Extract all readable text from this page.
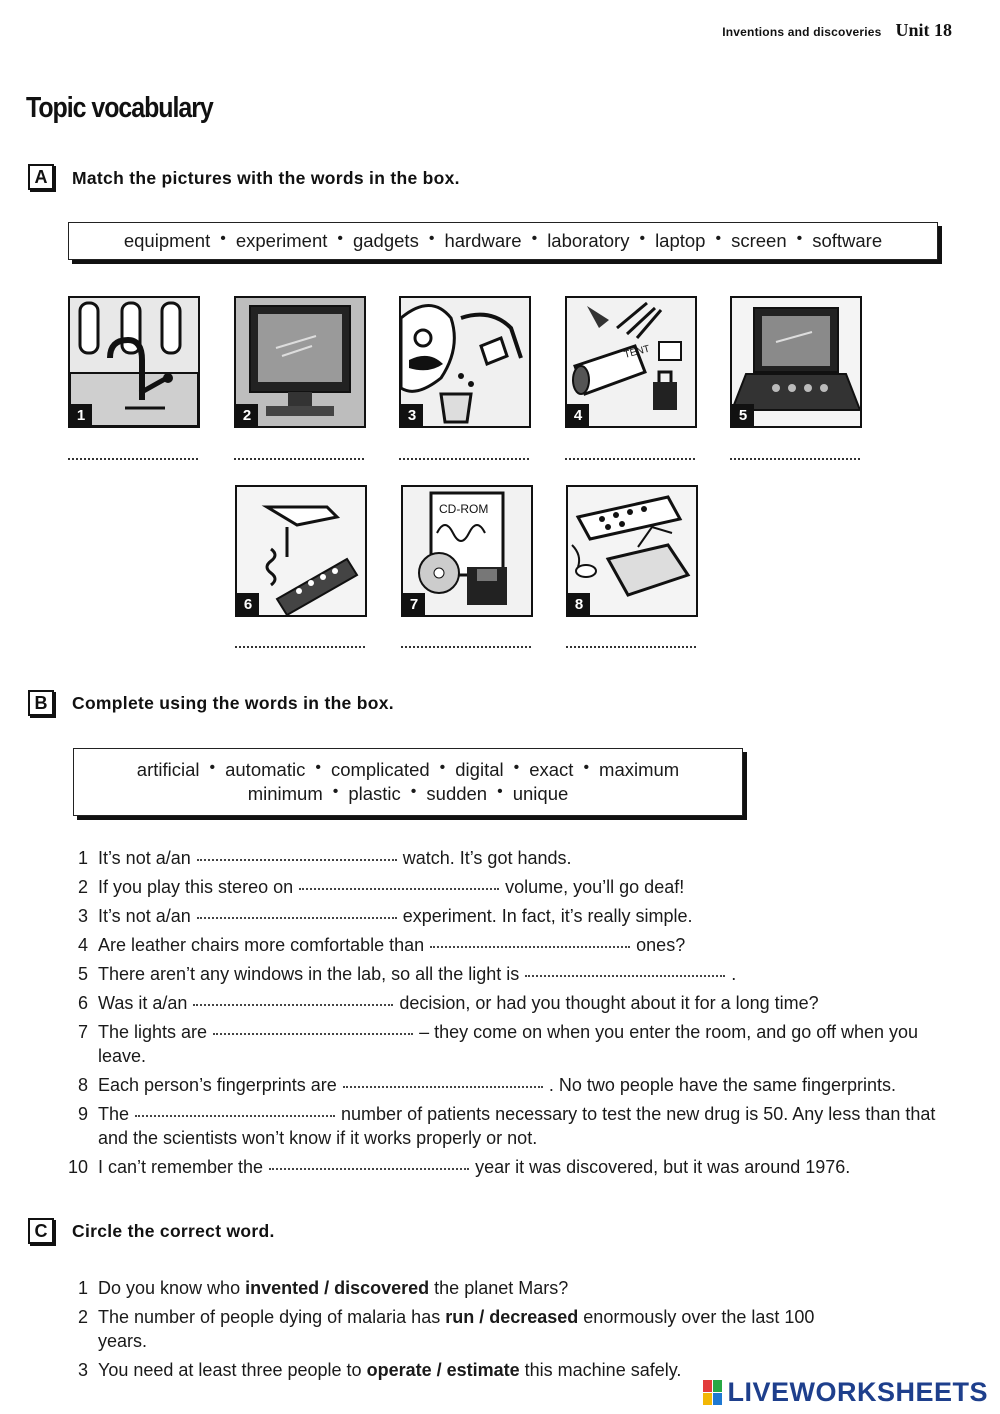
Inventions and discoveries Unit 18
Topic vocabulary
A	Match the pictures with the words in the box.
equipment • experiment • gadgets • hardware • laboratory • laptop • screen • software
1	2	3
TENT
4	5
6
CD-ROM
7	8
B	Complete using the words in the box.
artificial • automatic • complicated • digital • exact • maximum
minimum • plastic • sudden • unique
1 It’s not a/an	watch. It’s got hands.
2 If you play this stereo on	volume, you’ll go deaf!
3 It’s not a/an	experiment. In fact, it’s really simple.
4 Are leather chairs more comfortable than	ones?
5 There aren’t any windows in the lab, so all the light is	.
6 Was it a/an	decision, or had you thought about it for a long time?
7 The lights are	– they come on when you enter the room, and go off when you leave.
8 Each person’s fingerprints are	. No two people have the same fingerprints.
9 The	number of patients necessary to test the new drug is 50. Any less than that and the scientists won’t know if it works properly or not.
10 I can’t remember the	year it was discovered, but it was around 1976.
C	Circle the correct word.
1 Do you know who invented / discovered the planet Mars?
2 The number of people dying of malaria has run / decreased enormously over the last 100 years.
3 You need at least three people to operate / estimate this machine safely.
LIVEWORKSHEETS
